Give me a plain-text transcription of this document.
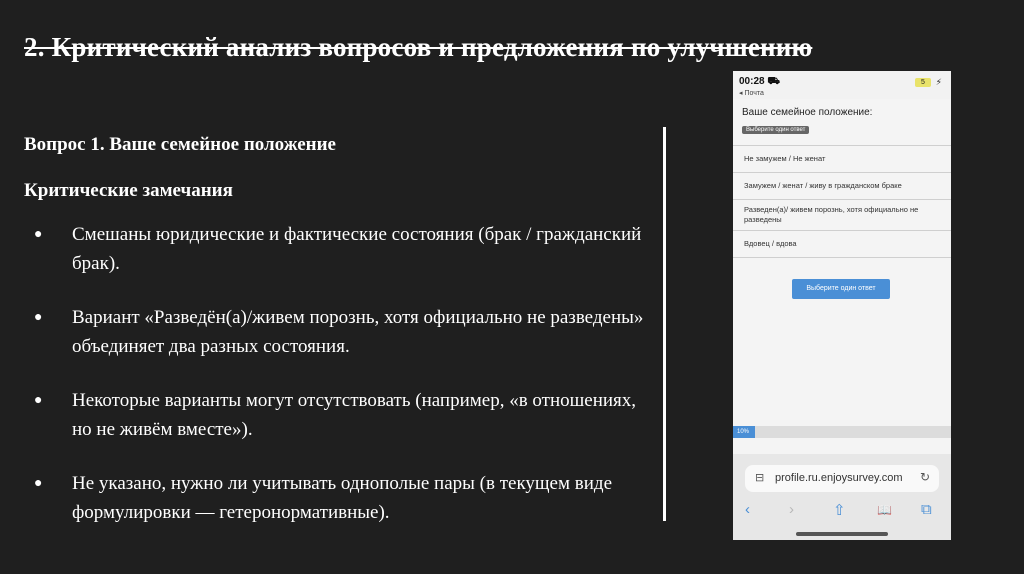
2. Критический анализ вопросов и предложения по улучшению
Вопрос 1. Ваше семейное положение
Критические замечания
● Смешаны юридические и фактические состояния (брак / гражданский брак).
● Вариант «Разведён(а)/живем порознь, хотя официально не разведены» объединяет два разных состояния.
● Некоторые варианты могут отсутствовать (например, «в отношениях, но не живём вместе»).
● Не указано, нужно ли учитывать однополые пары (в текущем виде формулировки — гетеронормативные).
00:28 ⛟
◂ Почта
5	⚡
Ваше семейное положение:
Выберите один ответ
Не замужем / Не женат
Замужем / женат / живу в гражданском браке
Разведен(а)/ живем порознь, хотя официально не разведены
Вдовец / вдова
Выберите один ответ
10%
⊟ profile.ru.enjoysurvey.com ↻
‹	›	⇧	📖 ⧉
